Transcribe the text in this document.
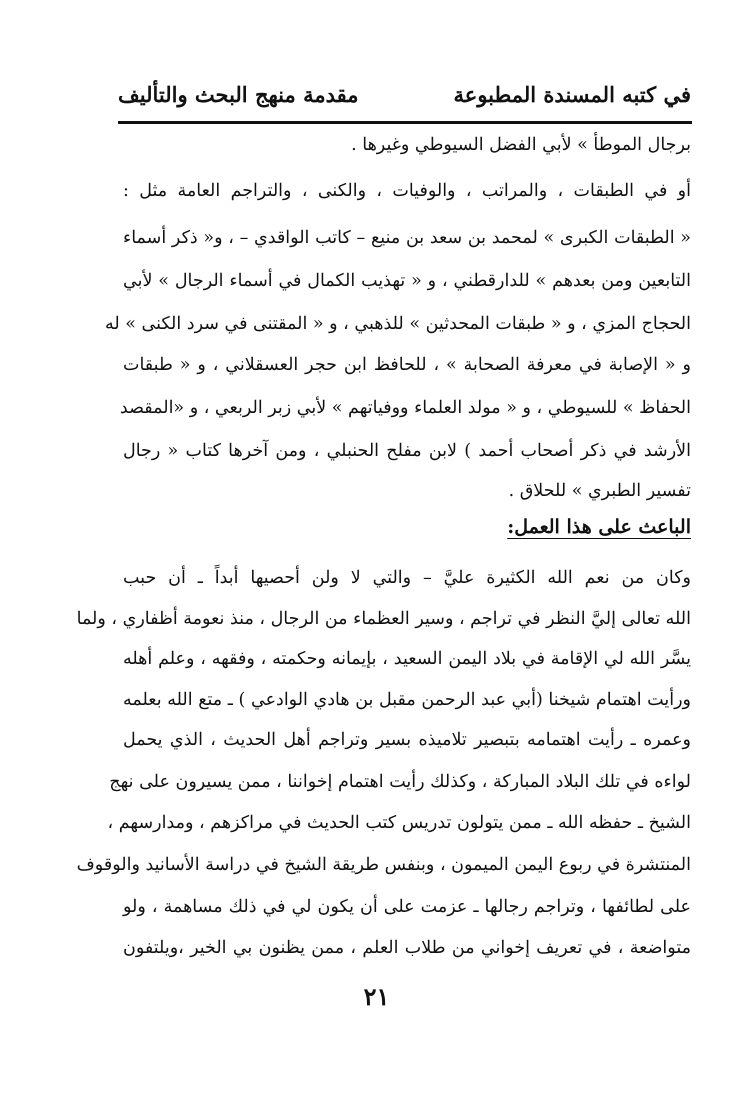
في كتبه المسندة المطبوعة
مقدمة منهج البحث والتأليف
برجال الموطأ » لأبي الفضل السيوطي وغيرها .
أو في الطبقات ، والمراتب ، والوفيات ، والكنى ، والتراجم العامة مثل :
« الطبقات الكبرى » لمحمد بن سعد بن منيع – كاتب الواقدي – ، و« ذكر أسماء
التابعين ومن بعدهم » للدارقطني ، و « تهذيب الكمال في أسماء الرجال » لأبي
الحجاج المزي ، و « طبقات المحدثين » للذهبي ، و « المقتنى في سرد الكنى » له
و « الإصابة في معرفة الصحابة » ، للحافظ ابن حجر العسقلاني ، و « طبقات
الحفاظ » للسيوطي ، و « مولد العلماء ووفياتهم » لأبي زبر الربعي ، و «المقصد
الأرشد في ذكر أصحاب أحمد ) لابن مفلح الحنبلي ، ومن آخرها كتاب « رجال
تفسير الطبري » للحلاق .
الباعث على هذا العمل:
وكان من نعم الله الكثيرة عليَّ – والتي لا ولن أحصيها أبداً ـ أن حبب
الله تعالى إليَّ النظر في تراجم ، وسير العظماء من الرجال ، منذ نعومة أظفاري ، ولما
يسَّر الله لي الإقامة في بلاد اليمن السعيد ، بإيمانه وحكمته ، وفقهه ، وعلم أهله
ورأيت اهتمام شيخنا (أبي عبد الرحمن مقبل بن هادي الوادعي ) ـ متع الله بعلمه
وعمره ـ رأيت اهتمامه بتبصير تلاميذه بسير وتراجم أهل الحديث ، الذي يحمل
لواءه في تلك البلاد المباركة ، وكذلك رأيت اهتمام إخواننا ، ممن يسيرون على نهج
الشيخ ـ حفظه الله ـ ممن يتولون تدريس كتب الحديث في مراكزهم ، ومدارسهم ،
المنتشرة في ربوع اليمن الميمون ، وبنفس طريقة الشيخ في دراسة الأسانيد والوقوف
على لطائفها ، وتراجم رجالها ـ عزمت على أن يكون لي في ذلك مساهمة ، ولو
متواضعة ، في تعريف إخواني من طلاب العلم ، ممن يظنون بي الخير ،ويلتفون
٢١
